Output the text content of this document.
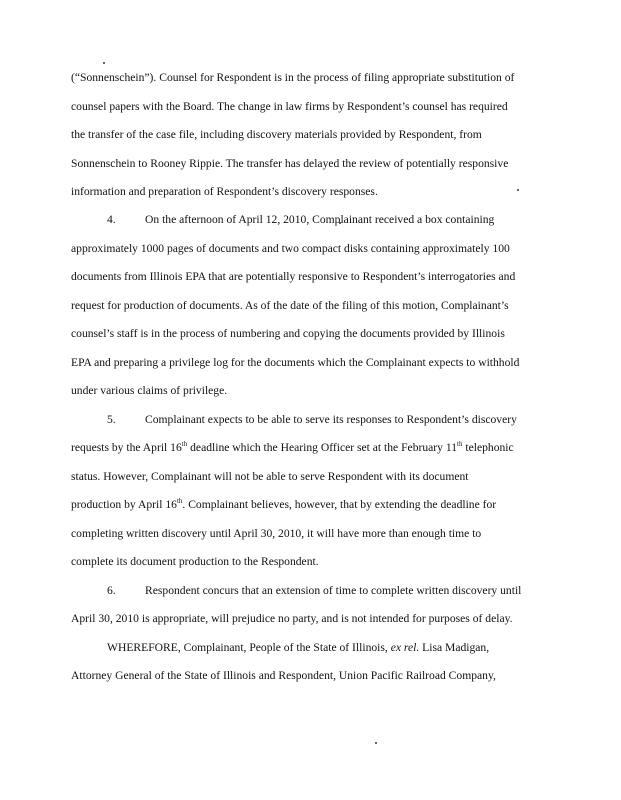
(“Sonnenschein”). Counsel for Respondent is in the process of filing appropriate substitution of
counsel papers with the Board. The change in law firms by Respondent’s counsel has required
the transfer of the case file, including discovery materials provided by Respondent, from
Sonnenschein to Rooney Rippie. The transfer has delayed the review of potentially responsive
information and preparation of Respondent’s discovery responses.
4.	On the afternoon of April 12, 2010, Complainant received a box containing
approximately 1000 pages of documents and two compact disks containing approximately 100
documents from Illinois EPA that are potentially responsive to Respondent’s interrogatories and
request for production of documents. As of the date of the filing of this motion, Complainant’s
counsel’s staff is in the process of numbering and copying the documents provided by Illinois
EPA and preparing a privilege log for the documents which the Complainant expects to withhold
under various claims of privilege.
5.	Complainant expects to be able to serve its responses to Respondent’s discovery
requests by the April 16th deadline which the Hearing Officer set at the February 11th telephonic
status. However, Complainant will not be able to serve Respondent with its document
production by April 16th. Complainant believes, however, that by extending the deadline for
completing written discovery until April 30, 2010, it will have more than enough time to
complete its document production to the Respondent.
6.	Respondent concurs that an extension of time to complete written discovery until
April 30, 2010 is appropriate, will prejudice no party, and is not intended for purposes of delay.
WHEREFORE, Complainant, People of the State of Illinois, ex rel. Lisa Madigan,
Attorney General of the State of Illinois and Respondent, Union Pacific Railroad Company,
